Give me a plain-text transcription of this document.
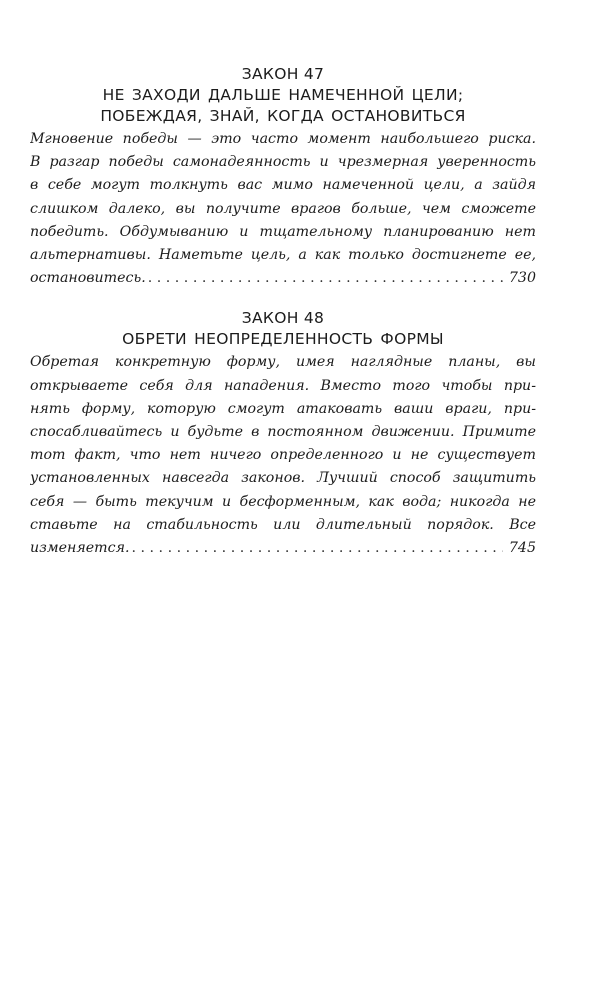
ЗАКОН 47

НЕ ЗАХОДИ ДАЛЬШЕ НАМЕЧЕННОЙ ЦЕЛИ;

ПОБЕЖДАЯ, ЗНАЙ, КОГДА ОСТАНОВИТЬСЯ

Мгновение победы — это часто момент наибольшего риска.
В разгар победы самонадеянность и чрезмерная уверенность
в себе могут толкнуть вас мимо намеченной цели, а зайдя
слишком далеко, вы получите врагов больше, чем сможете
победить. Обдумыванию и тщательному планированию нет
альтернативы. Наметьте цель, а как только достигнете ее,
остановитесь. . . .	730

ЗАКОН 48

ОБРЕТИ НЕОПРЕДЕЛЕННОСТЬ ФОРМЫ

Обретая конкретную форму, имея наглядные планы, вы
открываете себя для нападения. Вместо того чтобы при-
нять форму, которую смогут атаковать ваши враги, при-
спосабливайтесь и будьте в постоянном движении. Примите
тот факт, что нет ничего определенного и не существует
установленных навсегда законов. Лучший способ защитить
себя — быть текучим и бесформенным, как вода; никогда не
ставьте на стабильность или длительный порядок. Все
изменяется. . . .	745
